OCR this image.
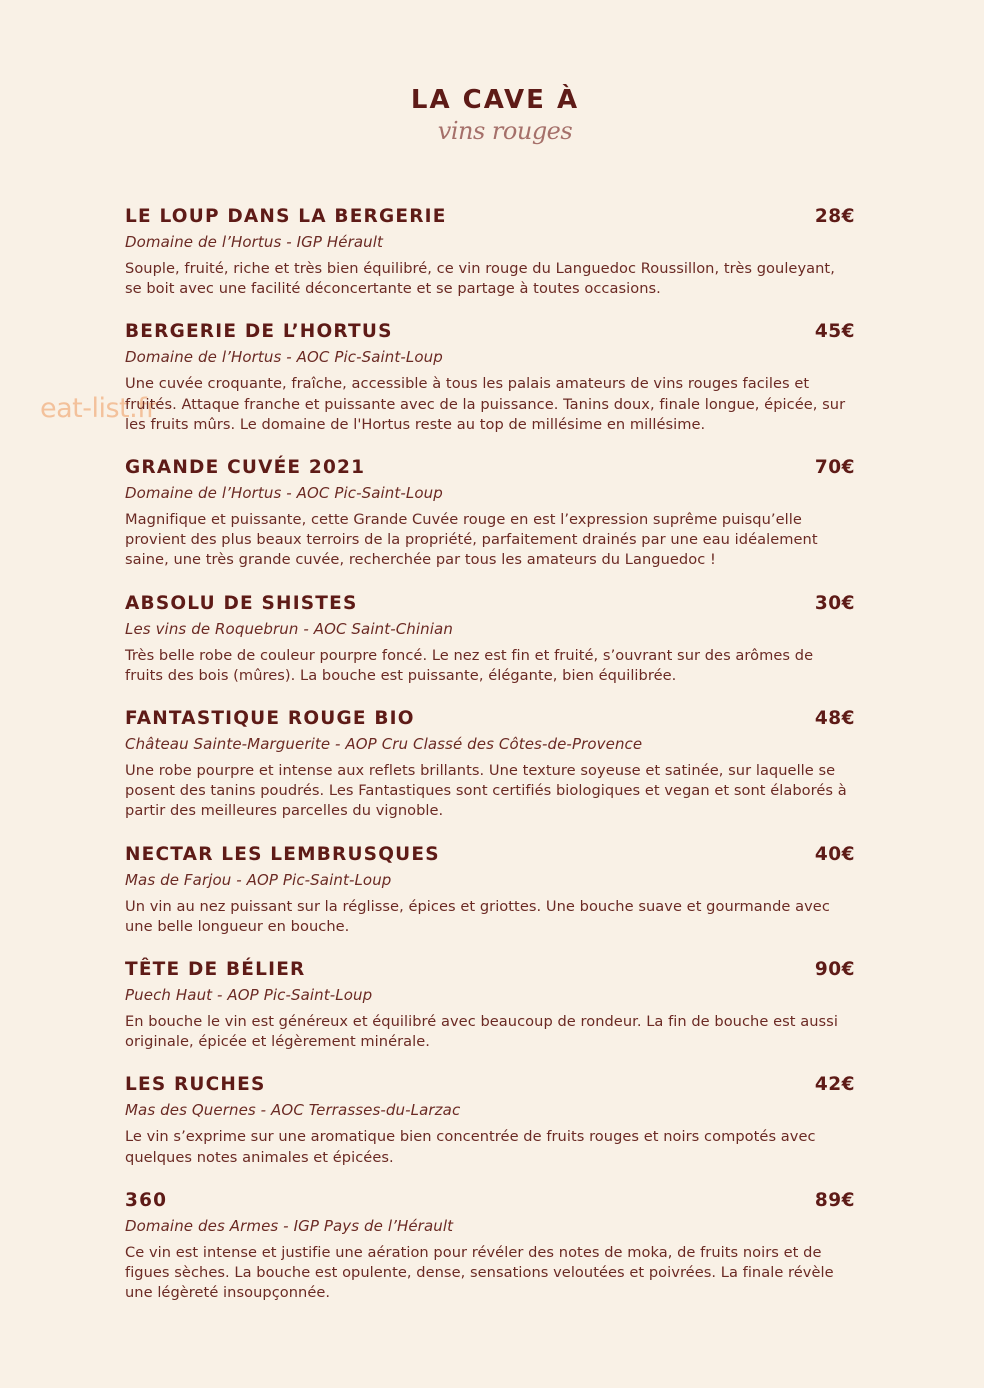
LA CAVE À
vins rouges
eat-list.fr
LE LOUP DANS LA BERGERIE	28€
Domaine de l’Hortus - IGP Hérault
Souple, fruité, riche et très bien équilibré, ce vin rouge du Languedoc Roussillon, très gouleyant, se boit avec une facilité déconcertante et se partage à toutes occasions.
BERGERIE DE L’HORTUS	45€
Domaine de l’Hortus - AOC Pic-Saint-Loup
Une cuvée croquante, fraîche, accessible à tous les palais amateurs de vins rouges faciles et fruités. Attaque franche et puissante avec de la puissance. Tanins doux, finale longue, épicée, sur les fruits mûrs. Le domaine de l'Hortus reste au top de millésime en millésime.
GRANDE CUVÉE 2021	70€
Domaine de l’Hortus - AOC Pic-Saint-Loup
Magnifique et puissante, cette Grande Cuvée rouge en est l’expression suprême puisqu’elle provient des plus beaux terroirs de la propriété, parfaitement drainés par une eau idéalement saine, une très grande cuvée, recherchée par tous les amateurs du Languedoc !
ABSOLU DE SHISTES	30€
Les vins de Roquebrun - AOC Saint-Chinian
Très belle robe de couleur pourpre foncé. Le nez est fin et fruité, s’ouvrant sur des arômes de fruits des bois (mûres). La bouche est puissante, élégante, bien équilibrée.
FANTASTIQUE ROUGE BIO	48€
Château Sainte-Marguerite - AOP Cru Classé des Côtes-de-Provence
Une robe pourpre et intense aux reflets brillants. Une texture soyeuse et satinée, sur laquelle se posent des tanins poudrés. Les Fantastiques sont certifiés biologiques et vegan et sont élaborés à partir des meilleures parcelles du vignoble.
NECTAR LES LEMBRUSQUES	40€
Mas de Farjou - AOP Pic-Saint-Loup
Un vin au nez puissant sur la réglisse, épices et griottes. Une bouche suave et gourmande avec une belle longueur en bouche.
TÊTE DE BÉLIER	90€
Puech Haut - AOP Pic-Saint-Loup
En bouche le vin est généreux et équilibré avec beaucoup de rondeur. La fin de bouche est aussi originale, épicée et légèrement minérale.
LES RUCHES	42€
Mas des Quernes - AOC Terrasses-du-Larzac
Le vin s’exprime sur une aromatique bien concentrée de fruits rouges et noirs compotés avec quelques notes animales et épicées.
360	89€
Domaine des Armes - IGP Pays de l’Hérault
Ce vin est intense et justifie une aération pour révéler des notes de moka, de fruits noirs et de figues sèches. La bouche est opulente, dense, sensations veloutées et poivrées. La finale révèle une légèreté insoupçonnée.
